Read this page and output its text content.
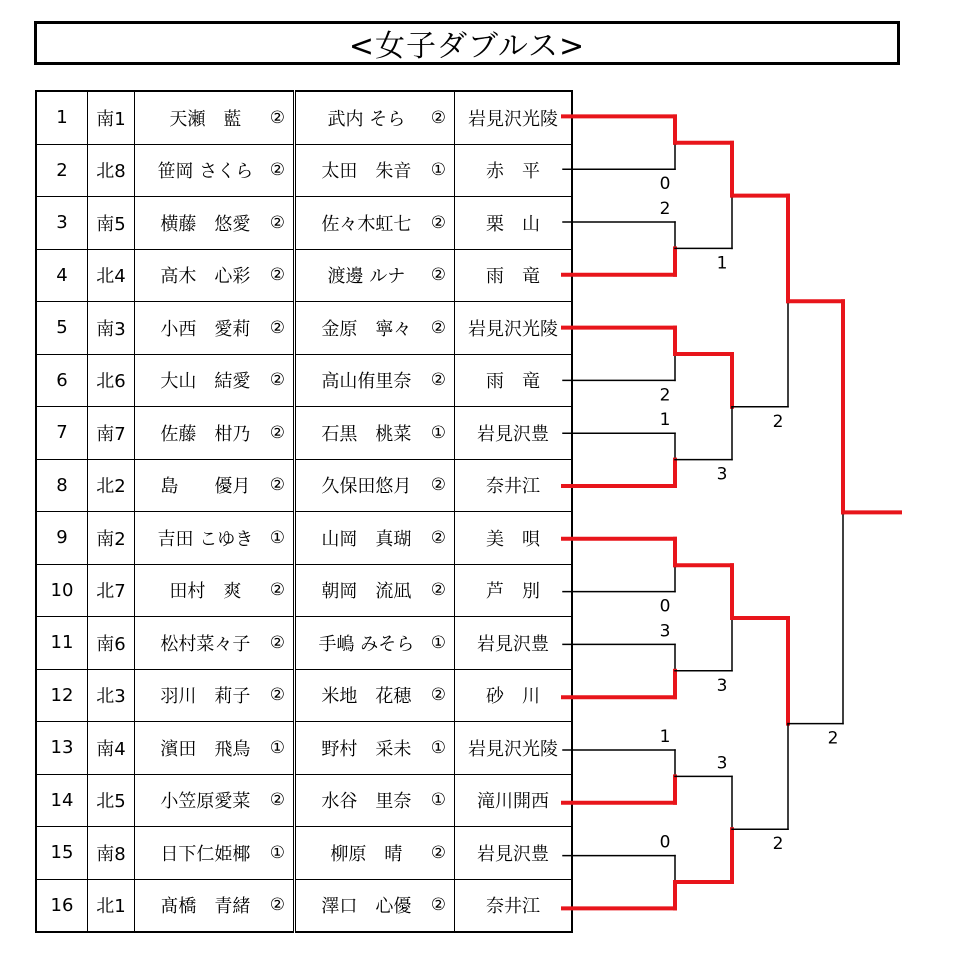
<女子ダブルス>
1	南1	天瀬　藍 ②	武内 そら ②	岩見沢光陵
2	北8	笹岡 さくら ②	太田　朱音 ①	赤　平
3	南5	横藤　悠愛 ②	佐々木虹七 ②	栗　山
4	北4	高木　心彩 ②	渡邊 ルナ ②	雨　竜
5	南3	小西　愛莉 ②	金原　寧々 ②	岩見沢光陵
6	北6	大山　結愛 ②	高山侑里奈 ②	雨　竜
7	南7	佐藤　柑乃 ②	石黒　桃菜 ①	岩見沢豊
8	北2	島　　優月 ②	久保田悠月 ②	奈井江
9	南2	吉田 こゆき ①	山岡　真瑚 ②	美　唄
10	北7	田村　爽 ②	朝岡　流凪 ②	芦　別
11	南6	松村菜々子 ②	手嶋 みそら ①	岩見沢豊
12	北3	羽川　莉子 ②	米地　花穂 ②	砂　川
13	南4	濱田　飛鳥 ①	野村　采未 ①	岩見沢光陵
14	北5	小笠原愛菜 ②	水谷　里奈 ①	滝川開西
15	南8	日下仁姫椰 ①	柳原　晴 ②	岩見沢豊
16	北1	髙橋　青緒 ②	澤口　心優 ②	奈井江
0
2
2
1
0
3
1
0
1
3
3
3
2
2
2
